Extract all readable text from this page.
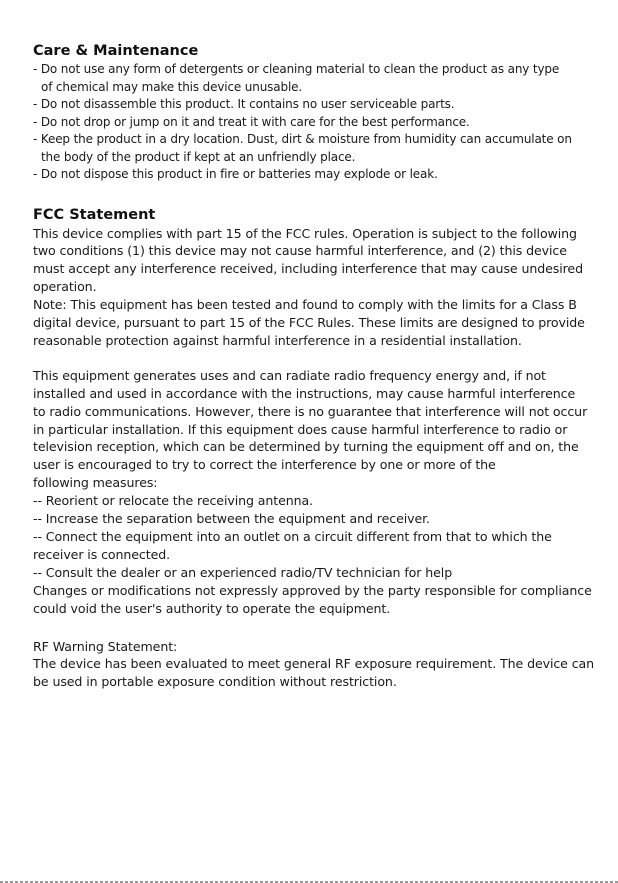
Care & Maintenance
- Do not use any form of detergents or cleaning material to clean the product as any type
of chemical may make this device unusable.
- Do not disassemble this product. It contains no user serviceable parts.
- Do not drop or jump on it and treat it with care for the best performance.
- Keep the product in a dry location. Dust, dirt & moisture from humidity can accumulate on
the body of the product if kept at an unfriendly place.
- Do not dispose this product in fire or batteries may explode or leak.
FCC Statement
This device complies with part 15 of the FCC rules. Operation is subject to the following
two conditions (1) this device may not cause harmful interference, and (2) this device
must accept any interference received, including interference that may cause undesired
operation.
Note: This equipment has been tested and found to comply with the limits for a Class B
digital device, pursuant to part 15 of the FCC Rules. These limits are designed to provide
reasonable protection against harmful interference in a residential installation.
This equipment generates uses and can radiate radio frequency energy and, if not
installed and used in accordance with the instructions, may cause harmful interference
to radio communications. However, there is no guarantee that interference will not occur
in particular installation. If this equipment does cause harmful interference to radio or
television reception, which can be determined by turning the equipment off and on, the
user is encouraged to try to correct the interference by one or more of the
following measures:
-- Reorient or relocate the receiving antenna.
-- Increase the separation between the equipment and receiver.
-- Connect the equipment into an outlet on a circuit different from that to which the
receiver is connected.
-- Consult the dealer or an experienced radio/TV technician for help
Changes or modifications not expressly approved by the party responsible for compliance
could void the user's authority to operate the equipment.
RF Warning Statement:
The device has been evaluated to meet general RF exposure requirement. The device can
be used in portable exposure condition without restriction.
